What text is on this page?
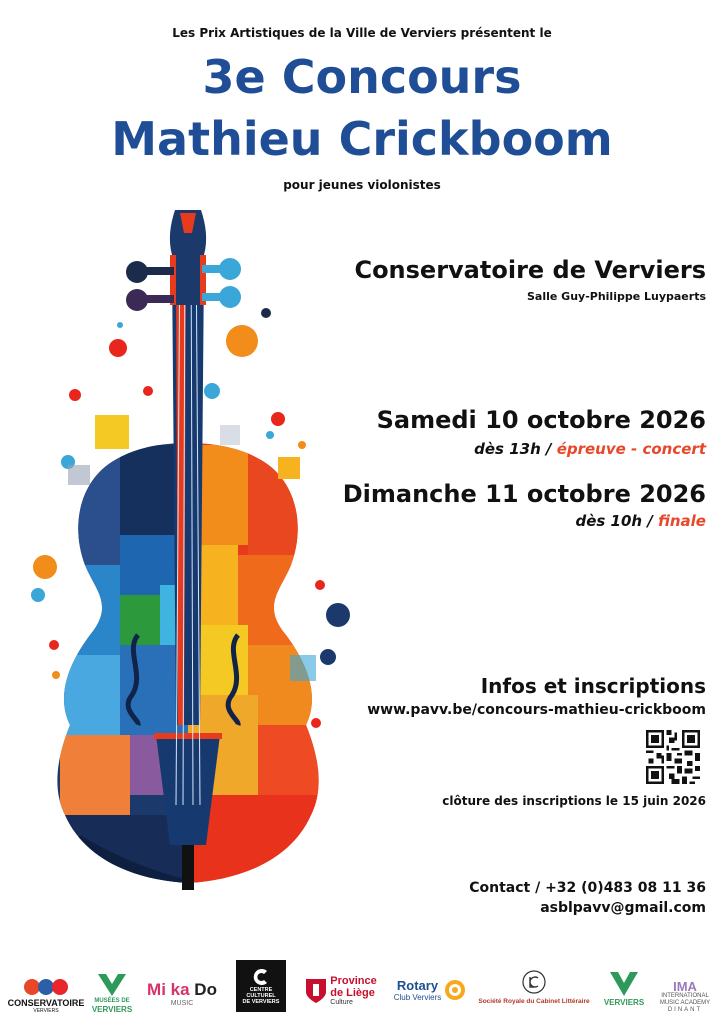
Les Prix Artistiques de la Ville de Verviers présentent le
3e Concours
Mathieu Crickboom
pour jeunes violonistes
Conservatoire de Verviers
Salle Guy-Philippe Luypaerts
Samedi 10 octobre 2026
dès 13h / épreuve - concert
Dimanche 11 octobre 2026
dès 10h / finale
Infos et inscriptions
www.pavv.be/concours-mathieu-crickboom
clôture des inscriptions le 15 juin 2026
Contact / +32 (0)483 08 11 36
asblpavv@gmail.com
CONSERVATOIRE
VERVIERS
MUSÉES DE
VERVIERS
Mi ka Do
MUSIC
CENTRE CULTUREL
DE VERVIERS
Province
de Liège
Culture
Rotary
Club Verviers	Société Royale du Cabinet Littéraire VERVIERS
IMA
INTERNATIONAL
MUSIC ACADEMY
DINANT
